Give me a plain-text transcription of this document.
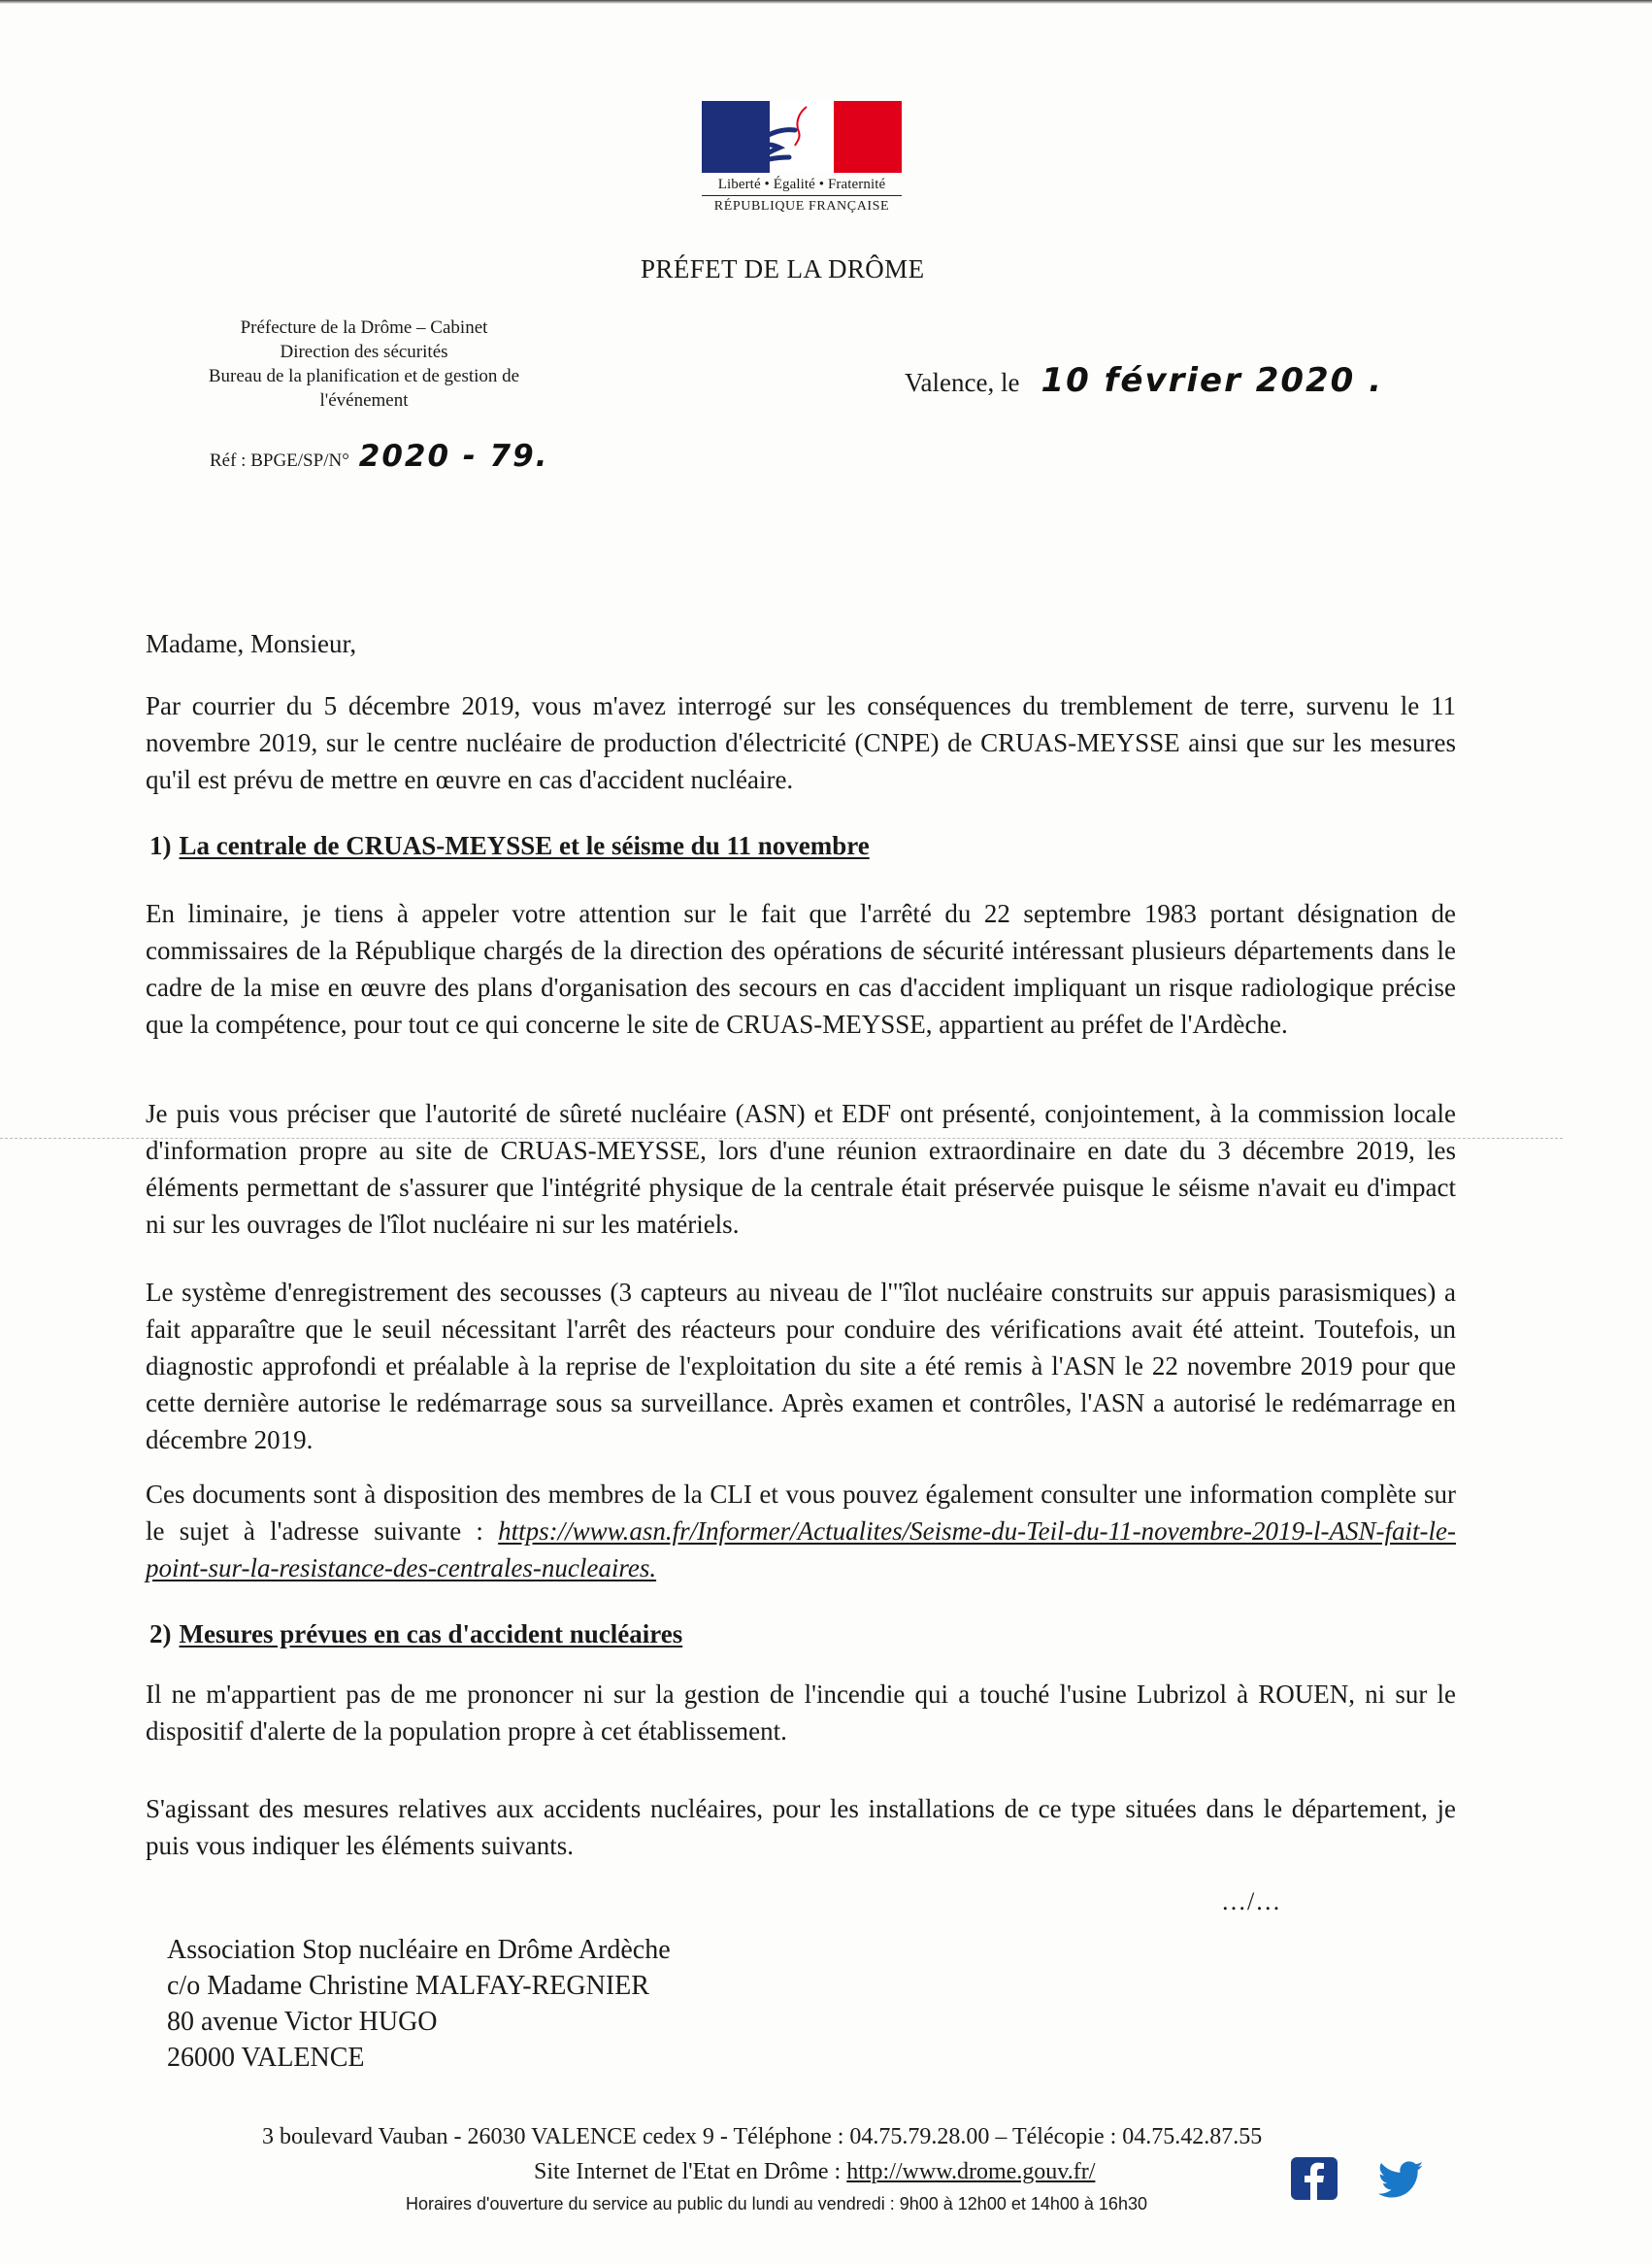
Liberté • Égalité • Fraternité
RÉPUBLIQUE FRANÇAISE
PRÉFET DE LA DRÔME
Préfecture de la Drôme – Cabinet
Direction des sécurités
Bureau de la planification et de gestion de
l'événement
Réf : BPGE/SP/N° 2020 - 79.
Valence, le 10 février 2020 .
Madame, Monsieur,
Par courrier du 5 décembre 2019, vous m'avez interrogé sur les conséquences du tremblement de terre, survenu le 11 novembre 2019, sur le centre nucléaire de production d'électricité (CNPE) de CRUAS-MEYSSE ainsi que sur les mesures qu'il est prévu de mettre en œuvre en cas d'accident nucléaire.
1) La centrale de CRUAS-MEYSSE et le séisme du 11 novembre
En liminaire, je tiens à appeler votre attention sur le fait que l'arrêté du 22 septembre 1983 portant désignation de commissaires de la République chargés de la direction des opérations de sécurité intéressant plusieurs départements dans le cadre de la mise en œuvre des plans d'organisation des secours en cas d'accident impliquant un risque radiologique précise que la compétence, pour tout ce qui concerne le site de CRUAS-MEYSSE, appartient au préfet de l'Ardèche.
Je puis vous préciser que l'autorité de sûreté nucléaire (ASN) et EDF ont présenté, conjointement, à la commission locale d'information propre au site de CRUAS-MEYSSE, lors d'une réunion extraordinaire en date du 3 décembre 2019, les éléments permettant de s'assurer que l'intégrité physique de la centrale était préservée puisque le séisme n'avait eu d'impact ni sur les ouvrages de l'îlot nucléaire ni sur les matériels.
Le système d'enregistrement des secousses (3 capteurs au niveau de l'"îlot nucléaire construits sur appuis parasismiques) a fait apparaître que le seuil nécessitant l'arrêt des réacteurs pour conduire des vérifications avait été atteint. Toutefois, un diagnostic approfondi et préalable à la reprise de l'exploitation du site a été remis à l'ASN le 22 novembre 2019 pour que cette dernière autorise le redémarrage sous sa surveillance. Après examen et contrôles, l'ASN a autorisé le redémarrage en décembre 2019.
Ces documents sont à disposition des membres de la CLI et vous pouvez également consulter une information complète sur le sujet à l'adresse suivante : https://www.asn.fr/Informer/Actualites/Seisme-du-Teil-du-11-novembre-2019-l-ASN-fait-le-point-sur-la-resistance-des-centrales-nucleaires.
2) Mesures prévues en cas d'accident nucléaires
Il ne m'appartient pas de me prononcer ni sur la gestion de l'incendie qui a touché l'usine Lubrizol à ROUEN, ni sur le dispositif d'alerte de la population propre à cet établissement.
S'agissant des mesures relatives aux accidents nucléaires, pour les installations de ce type situées dans le département, je puis vous indiquer les éléments suivants.
…/…
Association Stop nucléaire en Drôme Ardèche
c/o Madame Christine MALFAY-REGNIER
80 avenue Victor HUGO
26000 VALENCE
3 boulevard Vauban - 26030 VALENCE cedex 9 - Téléphone : 04.75.79.28.00 – Télécopie : 04.75.42.87.55
Site Internet de l'Etat en Drôme : http://www.drome.gouv.fr/
Horaires d'ouverture du service au public du lundi au vendredi : 9h00 à 12h00 et 14h00 à 16h30
